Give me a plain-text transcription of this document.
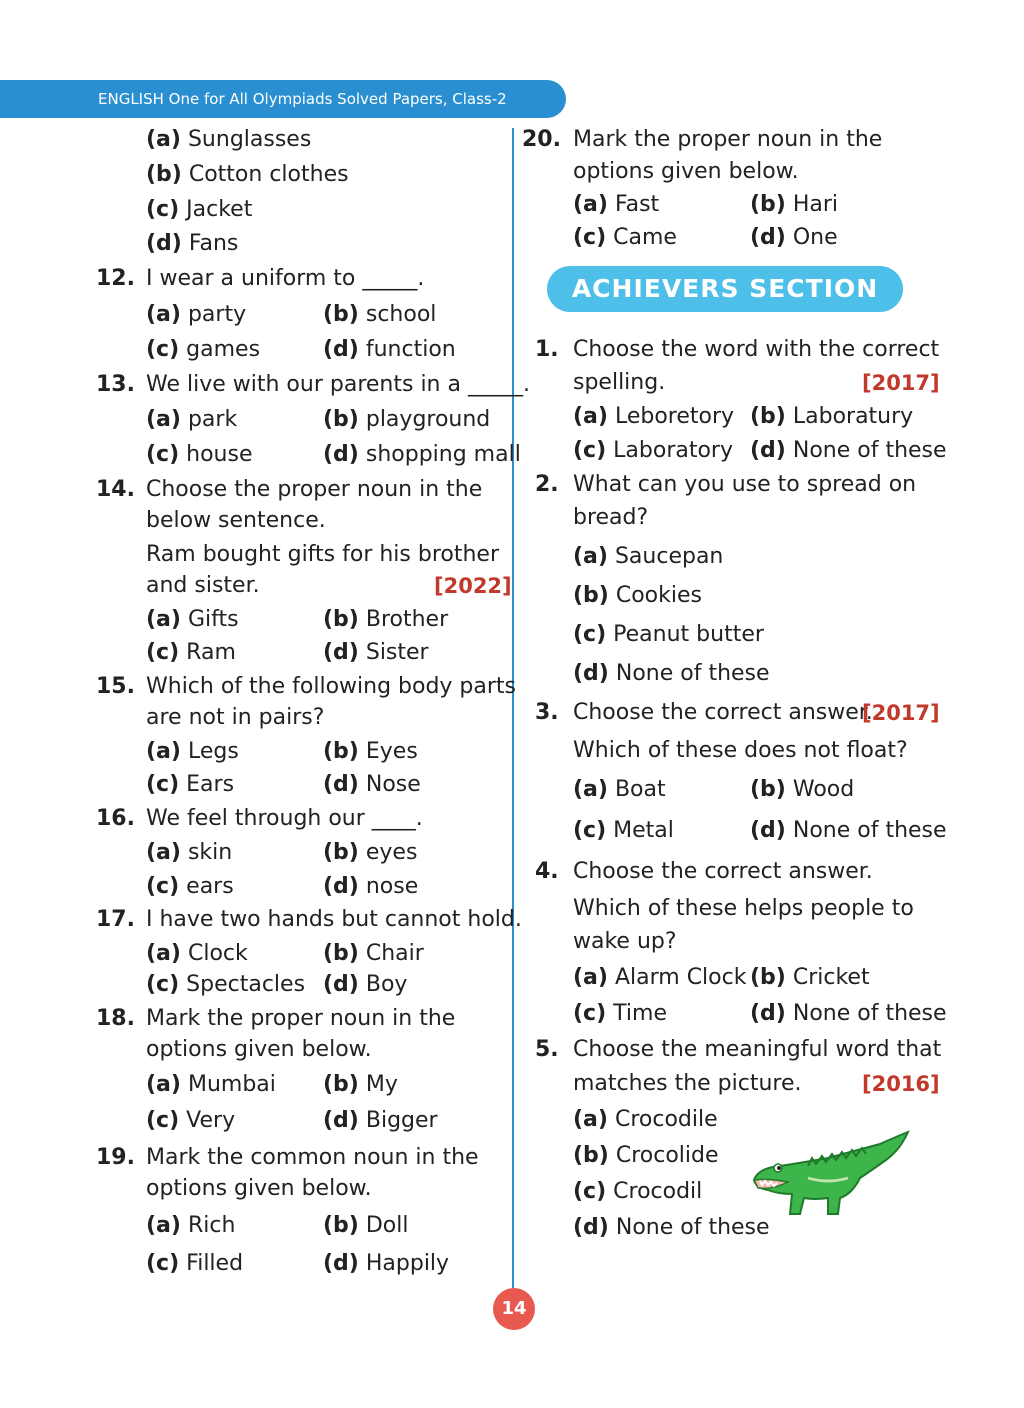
ENGLISH One for All Olympiads Solved Papers, Class-2
(a) Sunglasses
(b) Cotton clothes
(c) Jacket
(d) Fans
12. I wear a uniform to _____.
(a) party	(b) school
(c) games	(d) function
13. We live with our parents in a _____.
(a) park	(b) playground
(c) house	(d) shopping mall
14. Choose the proper noun in the
below sentence.
Ram bought gifts for his brother
and sister.	[2022]
(a) Gifts	(b) Brother
(c) Ram	(d) Sister
15. Which of the following body parts
are not in pairs?
(a) Legs	(b) Eyes
(c) Ears	(d) Nose
16. We feel through our ____.
(a) skin	(b) eyes
(c) ears	(d) nose
17. I have two hands but cannot hold.
(a) Clock	(b) Chair
(c) Spectacles (d) Boy
18. Mark the proper noun in the
options given below.
(a) Mumbai (b) My
(c) Very	(d) Bigger
19. Mark the common noun in the
options given below.
(a) Rich	(b) Doll
(c) Filled	(d) Happily
20. Mark the proper noun in the
options given below.
(a) Fast	(b) Hari
(c) Came	(d) One
ACHIEVERS SECTION
1. Choose the word with the correct
spelling.	[2017]
(a) Leboretory (b) Laboratury
(c) Laboratory (d) None of these
2. What can you use to spread on
bread?
(a) Saucepan
(b) Cookies
(c) Peanut butter
(d) None of these
3. Choose the correct answer.
[2017]
Which of these does not float?
(a) Boat	(b) Wood
(c) Metal	(d) None of these
4. Choose the correct answer.
Which of these helps people to
wake up?
(a) Alarm Clock (b) Cricket
(c) Time	(d) None of these
5. Choose the meaningful word that
matches the picture.	[2016]
(a) Crocodile
(b) Crocolide
(c) Crocodil
(d) None of these
14
